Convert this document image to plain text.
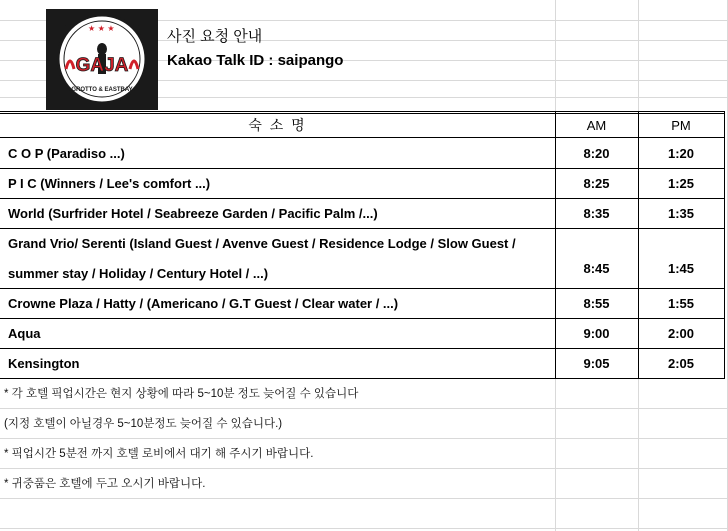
★ ★ ★
GAJA
GROTTO & EASTBAY
사진 요청 안내
Kakao Talk ID : saipango
숙 소 명	AM	PM
C O P (Paradiso ...)	8:20	1:20
P I C (Winners / Lee's comfort ...)	8:25	1:25
World (Surfrider Hotel / Seabreeze Garden / Pacific Palm /...)	8:35	1:35
Grand Vrio/ Serenti (Island Guest / Avenve Guest / Residence Lodge / Slow Guest /
summer stay / Holiday / Century Hotel / ...)	8:45	1:45
Crowne Plaza / Hatty / (Americano / G.T Guest / Clear water / ...)	8:55	1:55
Aqua	9:00	2:00
Kensington	9:05	2:05
* 각 호텔 픽업시간은 현지 상황에 따라 5~10분 정도 늦어질 수 있습니다
(지정 호텔이 아닐경우 5~10분정도 늦어질 수 있습니다.)
* 픽업시간 5분전 까지 호텔 로비에서 대기 해 주시기 바랍니다.
* 귀중품은 호텔에 두고 오시기 바랍니다.
